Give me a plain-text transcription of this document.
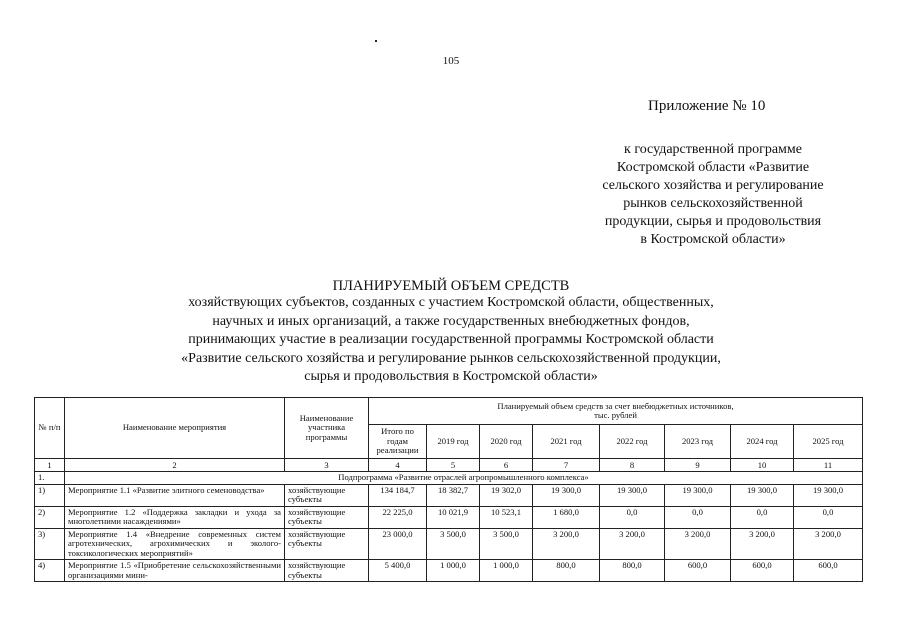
105
Приложение № 10
к государственной программе
Костромской области «Развитие
сельского хозяйства и регулирование
рынков сельскохозяйственной
продукции, сырья и продовольствия
в Костромской области»
ПЛАНИРУЕМЫЙ ОБЪЕМ СРЕДСТВ
хозяйствующих субъектов, созданных с участием Костромской области, общественных,
научных и иных организаций, а также государственных внебюджетных фондов,
принимающих участие в реализации государственной программы Костромской области
«Развитие сельского хозяйства и регулирование рынков сельскохозяйственной продукции,
сырья и продовольствия в Костромской области»
№ п/п	Наименование мероприятия	Наименование участника программы	Планируемый объем средств за счет внебюджетных источников,
тыс. рублей							

			Итого по годам реализации	2019 год	2020 год	2021 год	2022 год	2023 год	2024 год	2025 год
1	2	3	4	5	6	7	8	9	10	11
1.	Подпрограмма «Развитие отраслей агропромышленного комплекса»									
1)	Мероприятие 1.1 «Развитие элитного семеноводства»	хозяйствующие субъекты	134 184,7	18 382,7	19 302,0	19 300,0	19 300,0	19 300,0	19 300,0	19 300,0
2)	Мероприятие 1.2 «Поддержка закладки и ухода за многолетними насаждениями»	хозяйствующие субъекты	22 225,0	10 021,9	10 523,1	1 680,0	0,0	0,0	0,0	0,0
3)	Мероприятие 1.4 «Внедрение современных систем агротехнических, агрохимических и эколого-токсикологических мероприятий»	хозяйствующие субъекты	23 000,0	3 500,0	3 500,0	3 200,0	3 200,0	3 200,0	3 200,0	3 200,0
4)	Мероприятие 1.5 «Приобретение сельскохозяйственными организациями мини-	хозяйствующие субъекты	5 400,0	1 000,0	1 000,0	800,0	800,0	600,0	600,0	600,0
